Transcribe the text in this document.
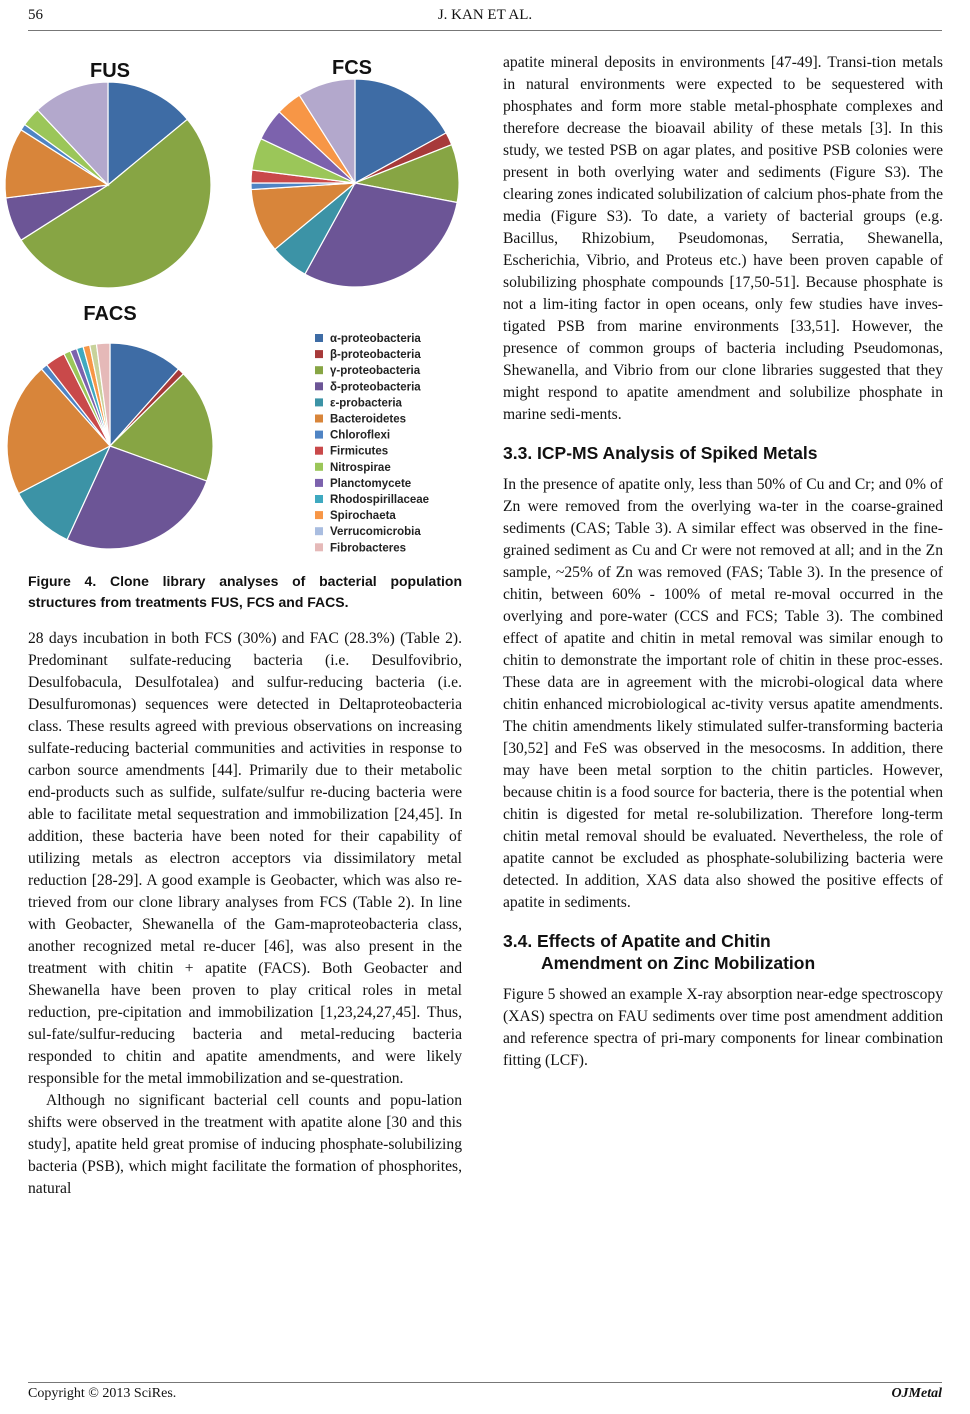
56	J. KAN ET AL.
FUS	FCS
FACS
α-proteobacteria
β-proteobacteria
γ-proteobacteria
δ-proteobacteria
ε-probacteria
Bacteroidetes
Chloroflexi
Firmicutes
Nitrospirae
Planctomycete
Rhodospirillaceae
Spirochaeta
Verrucomicrobia
Fibrobacteres
Figure 4. Clone library analyses of bacterial population structures from treatments FUS, FCS and FACS.

28 days incubation in both FCS (30%) and FAC (28.3%) (Table 2). Predominant sulfate-reducing bacteria (i.e. Desulfovibrio, Desulfobacula, Desulfotalea) and sulfur-reducing bacteria (i.e. Desulfuromonas) sequences were detected in Deltaproteobacteria class. These results agreed with previous observations on increasing sulfate-reducing bacterial communities and activities in response to carbon source amendments [44]. Primarily due to their metabolic end-products such as sulfide, sulfate/sulfur re-ducing bacteria were able to facilitate metal sequestration and immobilization [24,45]. In addition, these bacteria have been noted for their capability of utilizing metals as electron acceptors via dissimilatory metal reduction [28-29]. A good example is Geobacter, which was also re-trieved from our clone library analyses from FCS (Table 2). In line with Geobacter, Shewanella of the Gam-maproteobacteria class, another recognized metal re-ducer [46], was also present in the treatment with chitin + apatite (FACS). Both Geobacter and Shewanella have been proven to play critical roles in metal reduction, pre-cipitation and immobilization [1,23,24,27,45]. Thus, sul-fate/sulfur-reducing bacteria and metal-reducing bacteria responded to chitin and apatite amendments, and were likely responsible for the metal immobilization and se-questration.

Although no significant bacterial cell counts and popu-lation shifts were observed in the treatment with apatite alone [30 and this study], apatite held great promise of inducing phosphate-solubilizing bacteria (PSB), which might facilitate the formation of phosphorites, natural

apatite mineral deposits in environments [47-49]. Transi-tion metals in natural environments were expected to be sequestered with phosphates and form more stable metal-phosphate complexes and therefore decrease the bioavail ability of these metals [3]. In this study, we tested PSB on agar plates, and positive PSB colonies were present in both overlying water and sediments (Figure S3). The clearing zones indicated solubilization of calcium phos-phate from the media (Figure S3). To date, a variety of bacterial groups (e.g. Bacillus, Rhizobium, Pseudomonas, Serratia, Shewanella, Escherichia, Vibrio, and Proteus etc.) have been proven capable of solubilizing phosphate compounds [17,50-51]. Because phosphate is not a lim-iting factor in open oceans, only few studies have inves-tigated PSB from marine environments [33,51]. However, the presence of common groups of bacteria including Pseudomonas, Shewanella, and Vibrio from our clone libraries suggested that they might respond to apatite amendment and solubilize phosphate in marine sedi-ments.

3.3. ICP-MS Analysis of Spiked Metals

In the presence of apatite only, less than 50% of Cu and Cr; and 0% of Zn were removed from the overlying wa-ter in the coarse-grained sediments (CAS; Table 3). A similar effect was observed in the fine-grained sediment as Cu and Cr were not removed at all; and in the Zn sample, ~25% of Zn was removed (FAS; Table 3). In the presence of chitin, between 60% - 100% of metal re-moval occurred in the overlying and pore-water (CCS and FCS; Table 3). The combined effect of apatite and chitin in metal removal was similar enough to chitin to demonstrate the important role of chitin in these proc-esses. These data are in agreement with the microbi-ological data where chitin enhanced microbiological ac-tivity versus apatite amendments. The chitin amendments likely stimulated sulfer-transforming bacteria [30,52] and FeS was observed in the mesocosms. In addition, there may have been metal sorption to the chitin particles. However, because chitin is a food source for bacteria, there is the potential when chitin is digested for metal re-solubilization. Therefore long-term chitin metal removal should be evaluated. Nevertheless, the role of apatite cannot be excluded as phosphate-solubilizing bacteria were detected. In addition, XAS data also showed the positive effects of apatite in sediments.

3.4. Effects of Apatite and Chitin
Amendment on Zinc Mobilization

Figure 5 showed an example X-ray absorption near-edge spectroscopy (XAS) spectra on FAU sediments over time post amendment addition and reference spectra of pri-mary components for linear combination fitting (LCF).

Copyright © 2013 SciRes.	OJMetal
